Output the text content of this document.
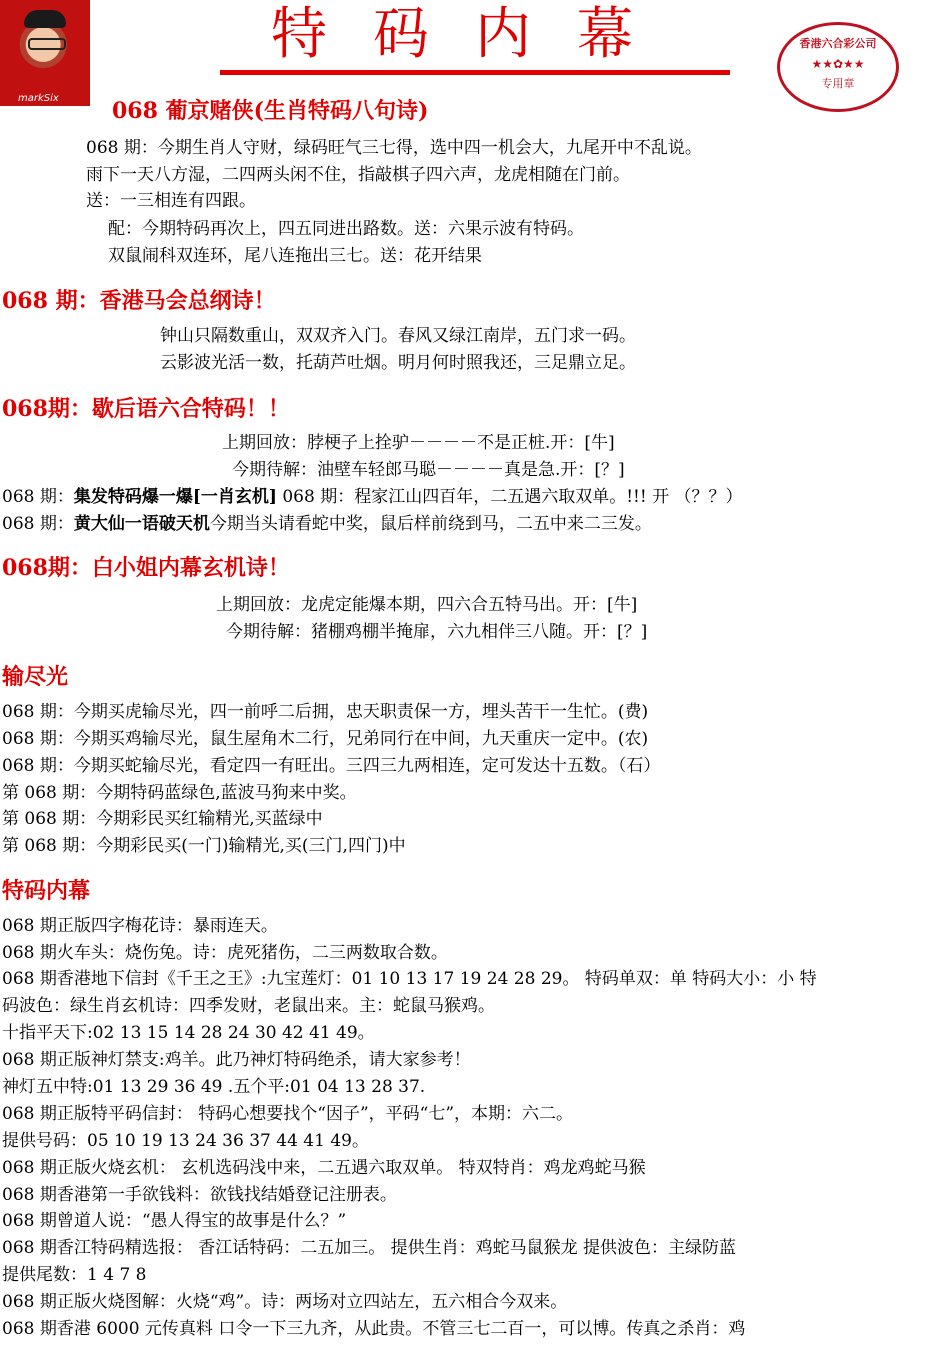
markSix
特码内幕	香港六合彩公司
★★✿★★
专用章
068 葡京赌侠(生肖特码八句诗)
068 期：今期生肖人守财，绿码旺气三七得，选中四一机会大，九尾开中不乱说。
雨下一天八方湿，二四两头闲不住，指敲棋子四六声，龙虎相随在门前。
送：一三相连有四跟。
配：今期特码再次上，四五同进出路数。送：六果示波有特码。
双鼠闹科双连环，尾八连拖出三七。送：花开结果
068 期：香港马会总纲诗！
钟山只隔数重山，双双齐入门。春风又绿江南岸，五门求一码。
云影波光活一数，托葫芦吐烟。明月何时照我还，三足鼎立足。
068期：歇后语六合特码！！
上期回放：脖梗子上拴驴－－－－不是正桩.开：[牛]
今期待解：油壁车轻郎马聪－－－－真是急.开：[？]
068 期：集发特码爆一爆[一肖玄机] 068 期：程家江山四百年，二五遇六取双单。!!! 开 （？？）
068 期：黄大仙一语破天机今期当头请看蛇中奖，鼠后样前绕到马，二五中来二三发。
068期：白小姐内幕玄机诗！
上期回放：龙虎定能爆本期，四六合五特马出。开：[牛]
今期待解：猪棚鸡棚半掩扉，六九相伴三八随。开：[？]
输尽光
068 期：今期买虎输尽光，四一前呼二后拥，忠天职责保一方，埋头苦干一生忙。(费)
068 期：今期买鸡输尽光，鼠生屋角木二行，兄弟同行在中间，九天重庆一定中。(农)
068 期：今期买蛇输尽光，看定四一有旺出。三四三九两相连，定可发达十五数。（石）
第 068 期：今期特码蓝绿色,蓝波马狗来中奖。
第 068 期：今期彩民买红输精光,买蓝绿中
第 068 期：今期彩民买(一门)输精光,买(三门,四门)中
特码内幕
068 期正版四字梅花诗：暴雨连天。
068 期火车头：烧伤兔。诗：虎死猪伤，二三两数取合数。
068 期香港地下信封《千王之王》:九宝莲灯：01 10 13 17 19 24 28 29。 特码单双：单 特码大小：小 特
码波色：绿生肖玄机诗：四季发财，老鼠出来。主：蛇鼠马猴鸡。
十指平天下:02 13 15 14 28 24 30 42 41 49。
068 期正版神灯禁支:鸡羊。此乃神灯特码绝杀，请大家参考！
神灯五中特:01 13 29 36 49 .五个平:01 04 13 28 37.
068 期正版特平码信封： 特码心想要找个“因子”，平码“七”，本期：六二。
提供号码：05 10 19 13 24 36 37 44 41 49。
068 期正版火烧玄机： 玄机选码浅中来，二五遇六取双单。 特双特肖：鸡龙鸡蛇马猴
068 期香港第一手欲钱料：欲钱找结婚登记注册表。
068 期曾道人说：“愚人得宝的故事是什么？”
068 期香江特码精选报： 香江话特码：二五加三。 提供生肖：鸡蛇马鼠猴龙 提供波色：主绿防蓝
提供尾数：1 4 7 8
068 期正版火烧图解：火烧“鸡”。诗：两场对立四站左，五六相合今双来。
068 期香港 6000 元传真料 口令一下三九齐，从此贵。不管三七二百一，可以博。传真之杀肖：鸡
